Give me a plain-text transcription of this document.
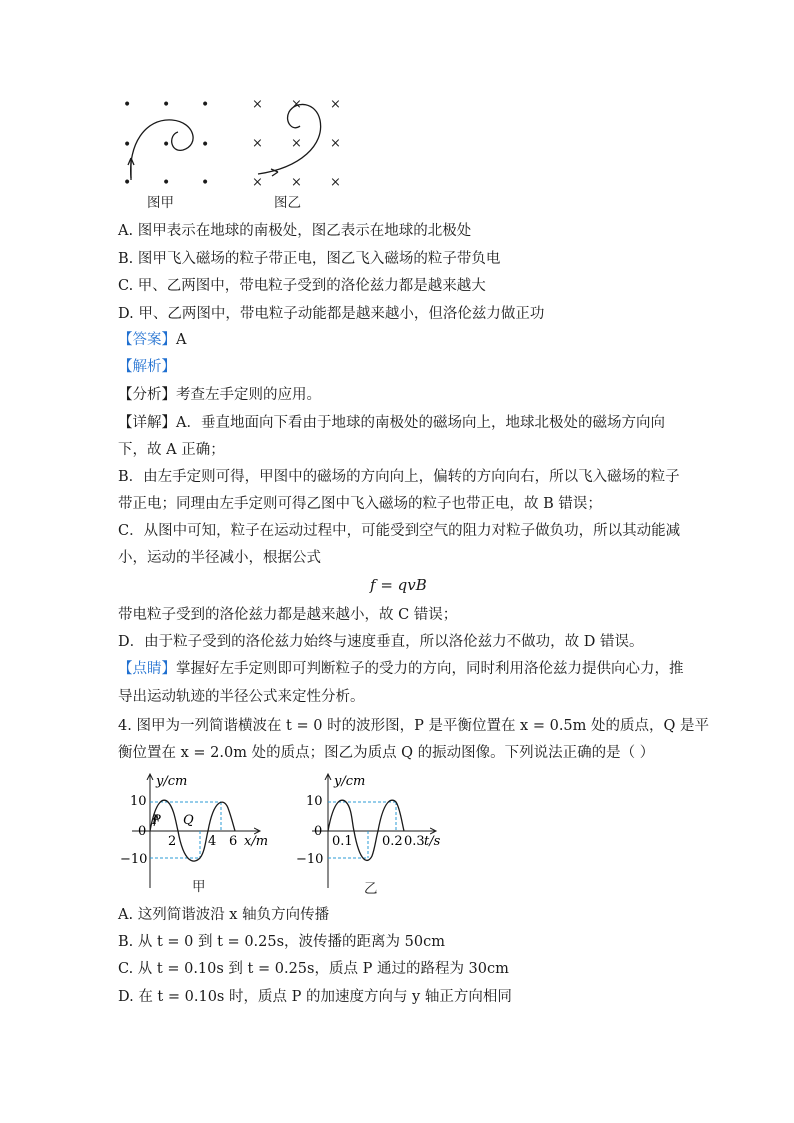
• • •
• • •
• • •
× × ×
× × ×
× × ×
图甲	图乙
A. 图甲表示在地球的南极处，图乙表示在地球的北极处
B. 图甲飞入磁场的粒子带正电，图乙飞入磁场的粒子带负电
C. 甲、乙两图中，带电粒子受到的洛伦兹力都是越来越大
D. 甲、乙两图中，带电粒子动能都是越来越小，但洛伦兹力做正功
【答案】A
【解析】
【分析】考查左手定则的应用。
【详解】A．垂直地面向下看由于地球的南极处的磁场向上，地球北极处的磁场方向向
下，故 A 正确；
B．由左手定则可得，甲图中的磁场的方向向上，偏转的方向向右，所以飞入磁场的粒子
带正电；同理由左手定则可得乙图中飞入磁场的粒子也带正电，故 B 错误；
C．从图中可知，粒子在运动过程中，可能受到空气的阻力对粒子做负功，所以其动能减
小，运动的半径减小，根据公式
f = qvB
带电粒子受到的洛伦兹力都是越来越小，故 C 错误；
D．由于粒子受到的洛伦兹力始终与速度垂直，所以洛伦兹力不做功，故 D 错误。
【点睛】掌握好左手定则即可判断粒子的受力的方向，同时利用洛伦兹力提供向心力，推
导出运动轨迹的半径公式来定性分析。
4. 图甲为一列简谐横波在 t = 0 时的波形图，P 是平衡位置在 x = 0.5m 处的质点，Q 是平
衡位置在 x = 2.0m 处的质点；图乙为质点 Q 的振动图像。下列说法正确的是（ ）
y/cm
x/m
10
0
−10
2 4 6
P Q
甲
y/cm
t/s
10
0
−10
0.1 0.2 0.3
乙
A. 这列简谐波沿 x 轴负方向传播
B. 从 t = 0 到 t = 0.25s，波传播的距离为 50cm
C. 从 t = 0.10s 到 t = 0.25s，质点 P 通过的路程为 30cm
D. 在 t = 0.10s 时，质点 P 的加速度方向与 y 轴正方向相同
